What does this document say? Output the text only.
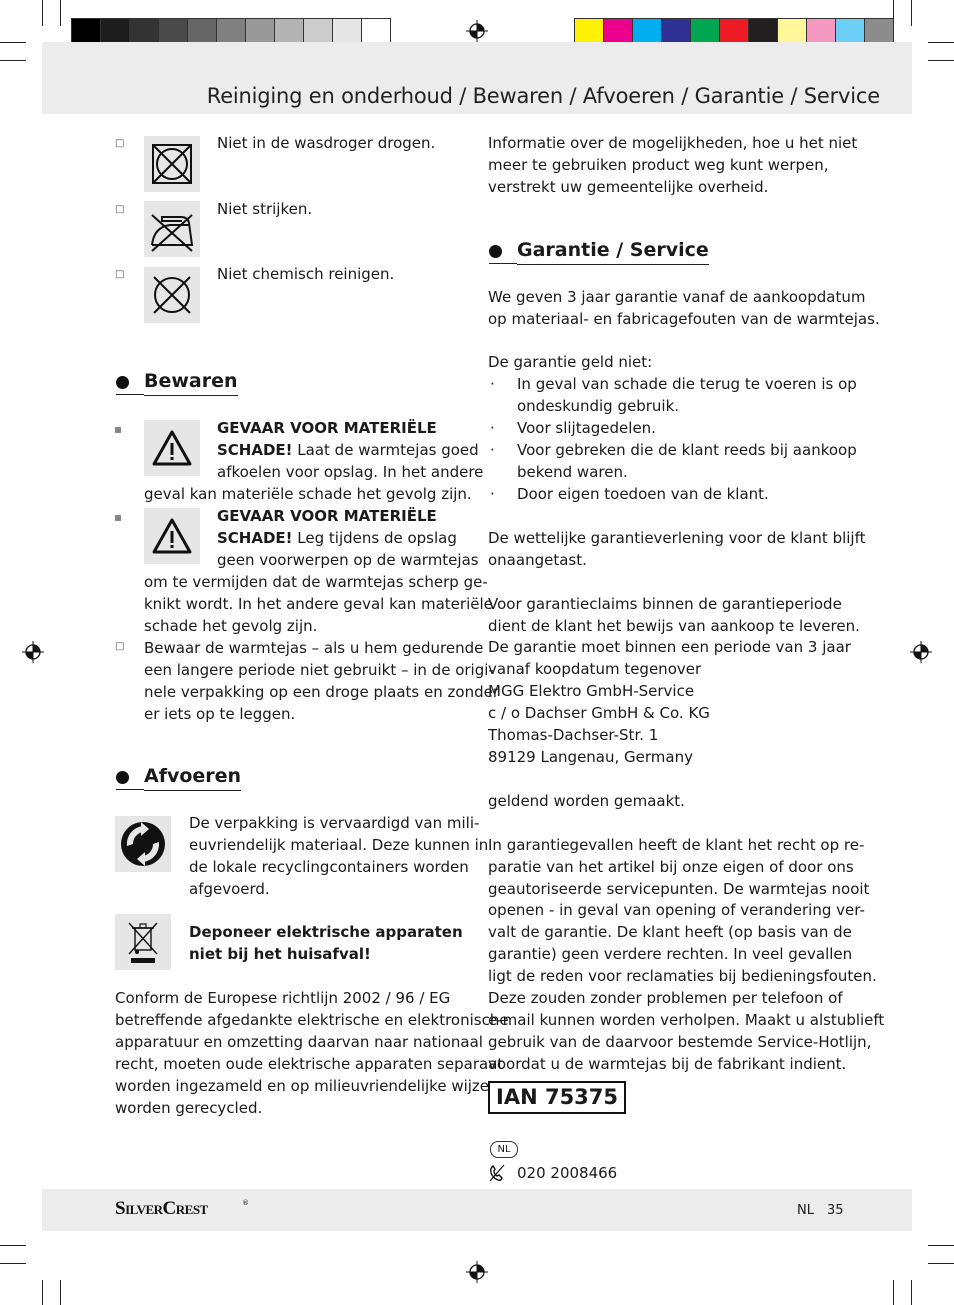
Reiniging en onderhoud / Bewaren / Afvoeren / Garantie / Service
□	Niet in de wasdroger drogen.
□	Niet strijken.
□	Niet chemisch reinigen.
Bewaren
GEVAAR VOOR MATERIËLE
SCHADE! Laat de warmtejas goed
afkoelen voor opslag. In het andere
geval kan materiële schade het gevolg zijn.
GEVAAR VOOR MATERIËLE
SCHADE! Leg tijdens de opslag
geen voorwerpen op de warmtejas
om te vermijden dat de warmtejas scherp ge-
knikt wordt. In het andere geval kan materiële
schade het gevolg zijn.
□ Bewaar de warmtejas – als u hem gedurende
een langere periode niet gebruikt – in de origi-
nele verpakking op een droge plaats en zonder
er iets op te leggen.
Afvoeren
De verpakking is vervaardigd van mili-
euvriendelijk materiaal. Deze kunnen in
de lokale recyclingcontainers worden
afgevoerd.
Deponeer elektrische apparaten
niet bij het huisafval!
Conform de Europese richtlijn 2002 / 96 / EG
betreffende afgedankte elektrische en elektronische
apparatuur en omzetting daarvan naar nationaal
recht, moeten oude elektrische apparaten separaat
worden ingezameld en op milieuvriendelijke wijze
worden gerecycled.
Informatie over de mogelijkheden, hoe u het niet
meer te gebruiken product weg kunt werpen,
verstrekt uw gemeentelijke overheid.
Garantie / Service
We geven 3 jaar garantie vanaf de aankoopdatum
op materiaal- en fabricagefouten van de warmtejas.
De garantie geld niet:
· In geval van schade die terug te voeren is op
ondeskundig gebruik.
· Voor slijtagedelen.
· Voor gebreken die de klant reeds bij aankoop
bekend waren.
· Door eigen toedoen van de klant.
De wettelijke garantieverlening voor de klant blijft
onaangetast.
Voor garantieclaims binnen de garantieperiode
dient de klant het bewijs van aankoop te leveren.
De garantie moet binnen een periode van 3 jaar
vanaf koopdatum tegenover
MGG Elektro GmbH-Service
c / o Dachser GmbH & Co. KG
Thomas-Dachser-Str. 1
89129 Langenau, Germany
geldend worden gemaakt.
In garantiegevallen heeft de klant het recht op re-
paratie van het artikel bij onze eigen of door ons
geautoriseerde servicepunten. De warmtejas nooit
openen - in geval van opening of verandering ver-
valt de garantie. De klant heeft (op basis van de
garantie) geen verdere rechten. In veel gevallen
ligt de reden voor reclamaties bij bedieningsfouten.
Deze zouden zonder problemen per telefoon of
e-mail kunnen worden verholpen. Maakt u alstublieft
gebruik van de daarvoor bestemde Service-Hotlijn,
voordat u de warmtejas bij de fabrikant indient.
IAN 75375
NL
020 2008466
SilverCrest	®	NL 35
